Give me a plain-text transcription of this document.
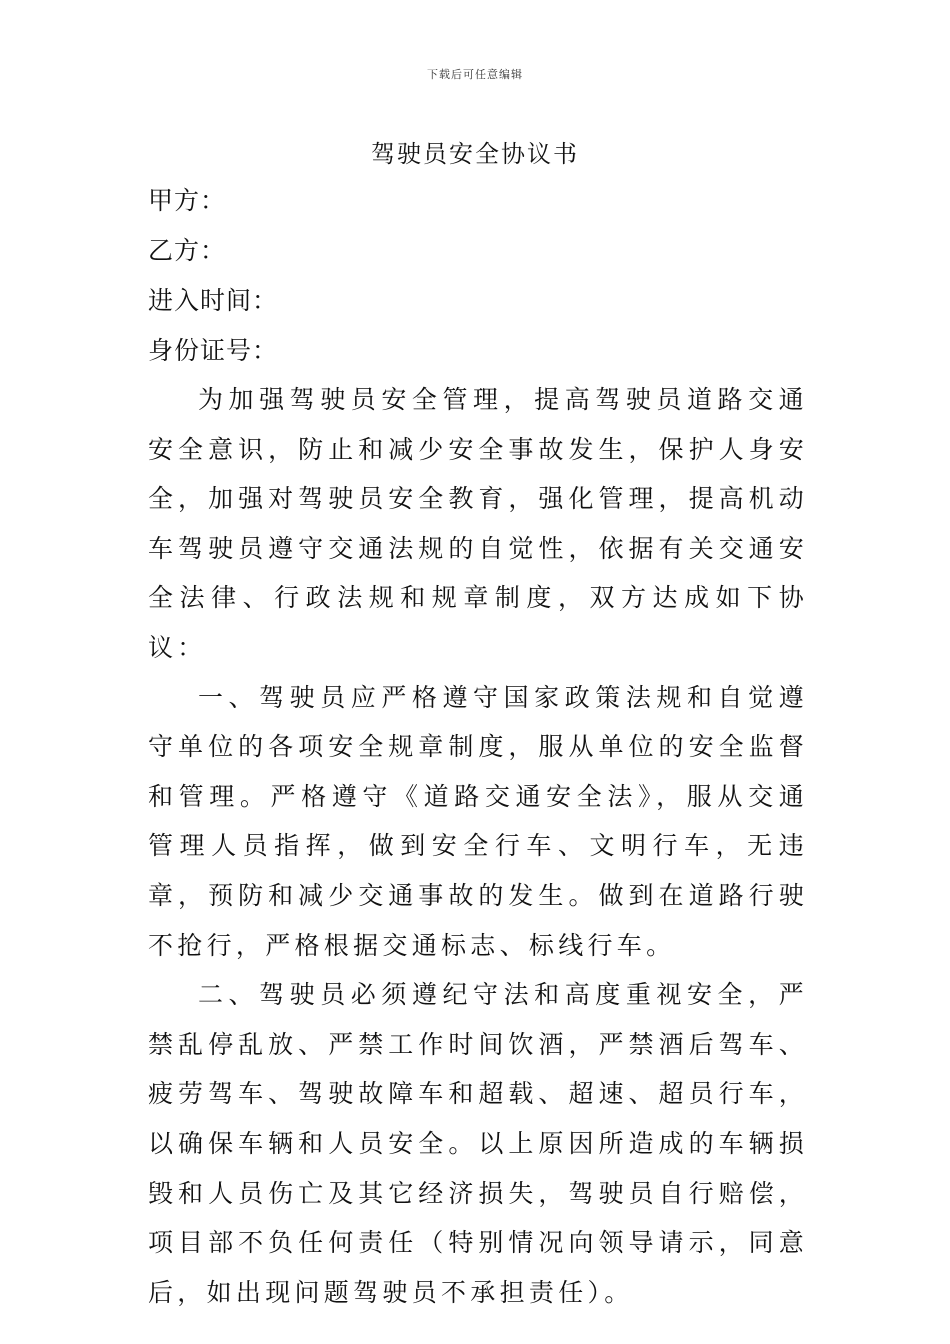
下载后可任意编辑
驾驶员安全协议书
甲方：
乙方：
进入时间：
身份证号：

为加强驾驶员安全管理，提高驾驶员道路交通安全意识，防止和减少安全事故发生，保护人身安全，加强对驾驶员安全教育，强化管理，提高机动车驾驶员遵守交通法规的自觉性，依据有关交通安全法律、行政法规和规章制度，双方达成如下协议：

一、驾驶员应严格遵守国家政策法规和自觉遵守单位的各项安全规章制度，服从单位的安全监督和管理。严格遵守《道路交通安全法》，服从交通管理人员指挥，做到安全行车、文明行车，无违章，预防和减少交通事故的发生。做到在道路行驶不抢行，严格根据交通标志、标线行车。

二、驾驶员必须遵纪守法和高度重视安全，严禁乱停乱放、严禁工作时间饮酒，严禁酒后驾车、疲劳驾车、驾驶故障车和超载、超速、超员行车，以确保车辆和人员安全。以上原因所造成的车辆损毁和人员伤亡及其它经济损失，驾驶员自行赔偿，项目部不负任何责任（特别情况向领导请示，同意后，如出现问题驾驶员不承担责任）。
